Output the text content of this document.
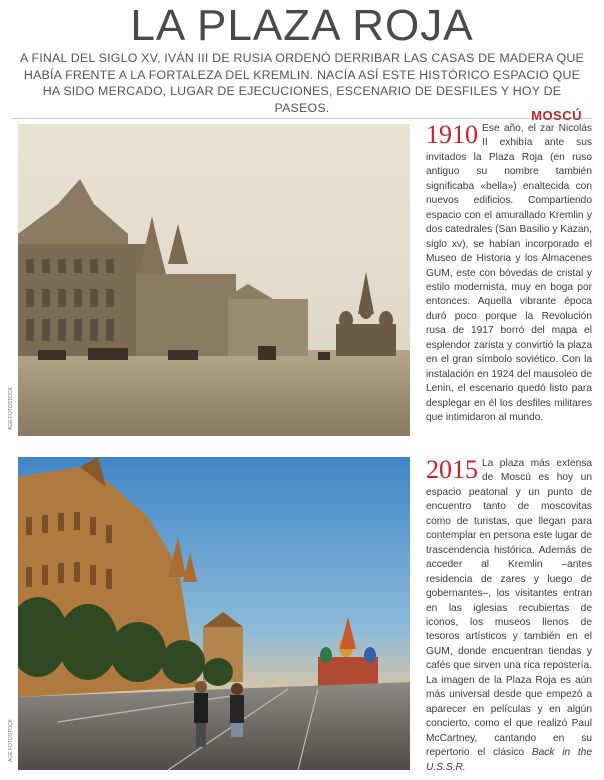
LA PLAZA ROJA
A FINAL DEL SIGLO XV, IVÁN III DE RUSIA ORDENÓ DERRIBAR LAS CASAS DE MADERA QUE HABÍA FRENTE A LA FORTALEZA DEL KREMLIN. NACÍA ASÍ ESTE HISTÓRICO ESPACIO QUE HA SIDO MERCADO, LUGAR DE EJECUCIONES, ESCENARIO DE DESFILES Y HOY DE PASEOS.
MOSCÚ
AGE FOTOSTOCK
1910 Ese año, el zar Nicolás II exhibía ante sus invitados la Plaza Roja (en ruso antiguo su nombre también significaba «bella») enaltecida con nuevos edificios. Compartiendo espacio con el amurallado Kremlin y dos catedrales (San Basilio y Kazan, siglo xv), se habían incorporado el Museo de Historia y los Almacenes GUM, este con bóvedas de cristal y estilo modernista, muy en boga por entonces. Aquella vibrante época duró poco porque la Revolución rusa de 1917 borró del mapa el esplendor zarista y convirtió la plaza en el gran símbolo soviético. Con la instalación en 1924 del mausoleo de Lenin, el escenario quedó listo para desplegar en él los desfiles militares que intimidaron al mundo.
AGE FOTOSTOCK
2015 La plaza más extensa de Moscú es hoy un espacio peatonal y un punto de encuentro tanto de moscovitas como de turistas, que llegan para contemplar en persona este lugar de trascendencia histórica. Además de acceder al Kremlin –antes residencia de zares y luego de gobernantes–, los visitantes entran en las iglesias recubiertas de iconos, los museos llenos de tesoros artísticos y también en el GUM, donde encuentran tiendas y cafés que sirven una rica repostería. La imagen de la Plaza Roja es aún más universal desde que empezó a aparecer en películas y en algún concierto, como el que realizó Paul McCartney, cantando en su repertorio el clásico Back in the U.S.S.R.
